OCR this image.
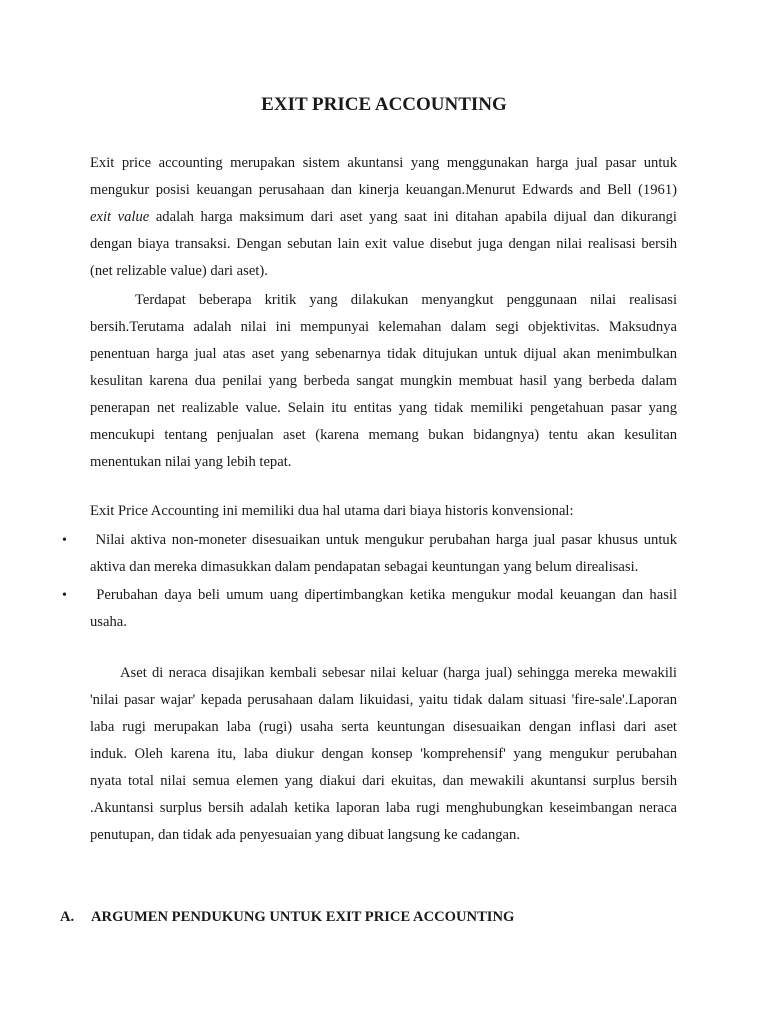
EXIT PRICE ACCOUNTING

Exit price accounting merupakan sistem akuntansi yang menggunakan harga jual pasar untuk
mengukur posisi keuangan perusahaan dan kinerja keuangan.Menurut Edwards and Bell (1961)
exit value adalah harga maksimum dari aset yang saat ini ditahan apabila dijual dan dikurangi
dengan biaya transaksi. Dengan sebutan lain exit value disebut juga dengan nilai realisasi bersih
(net relizable value) dari aset).

Terdapat beberapa kritik yang dilakukan menyangkut penggunaan nilai realisasi
bersih.Terutama adalah nilai ini mempunyai kelemahan dalam segi objektivitas. Maksudnya
penentuan harga jual atas aset yang sebenarnya tidak ditujukan untuk dijual akan menimbulkan
kesulitan karena dua penilai yang berbeda sangat mungkin membuat hasil yang berbeda dalam
penerapan net realizable value. Selain itu entitas yang tidak memiliki pengetahuan pasar yang
mencukupi tentang penjualan aset (karena memang bukan bidangnya) tentu akan kesulitan
menentukan nilai yang lebih tepat.

Exit Price Accounting ini memiliki dua hal utama dari biaya historis konvensional:

• Nilai aktiva non-moneter disesuaikan untuk mengukur perubahan harga jual pasar khusus untuk
aktiva dan mereka dimasukkan dalam pendapatan sebagai keuntungan yang belum direalisasi.
• Perubahan daya beli umum uang dipertimbangkan ketika mengukur modal keuangan dan hasil
usaha.

Aset di neraca disajikan kembali sebesar nilai keluar (harga jual) sehingga mereka mewakili
'nilai pasar wajar' kepada perusahaan dalam likuidasi, yaitu tidak dalam situasi 'fire-sale'.Laporan
laba rugi merupakan laba (rugi) usaha serta keuntungan disesuaikan dengan inflasi dari aset
induk. Oleh karena itu, laba diukur dengan konsep 'komprehensif' yang mengukur perubahan
nyata total nilai semua elemen yang diakui dari ekuitas, dan mewakili akuntansi surplus bersih
.Akuntansi surplus bersih adalah ketika laporan laba rugi menghubungkan keseimbangan neraca
penutupan, dan tidak ada penyesuaian yang dibuat langsung ke cadangan.

A. ARGUMEN PENDUKUNG UNTUK EXIT PRICE ACCOUNTING
